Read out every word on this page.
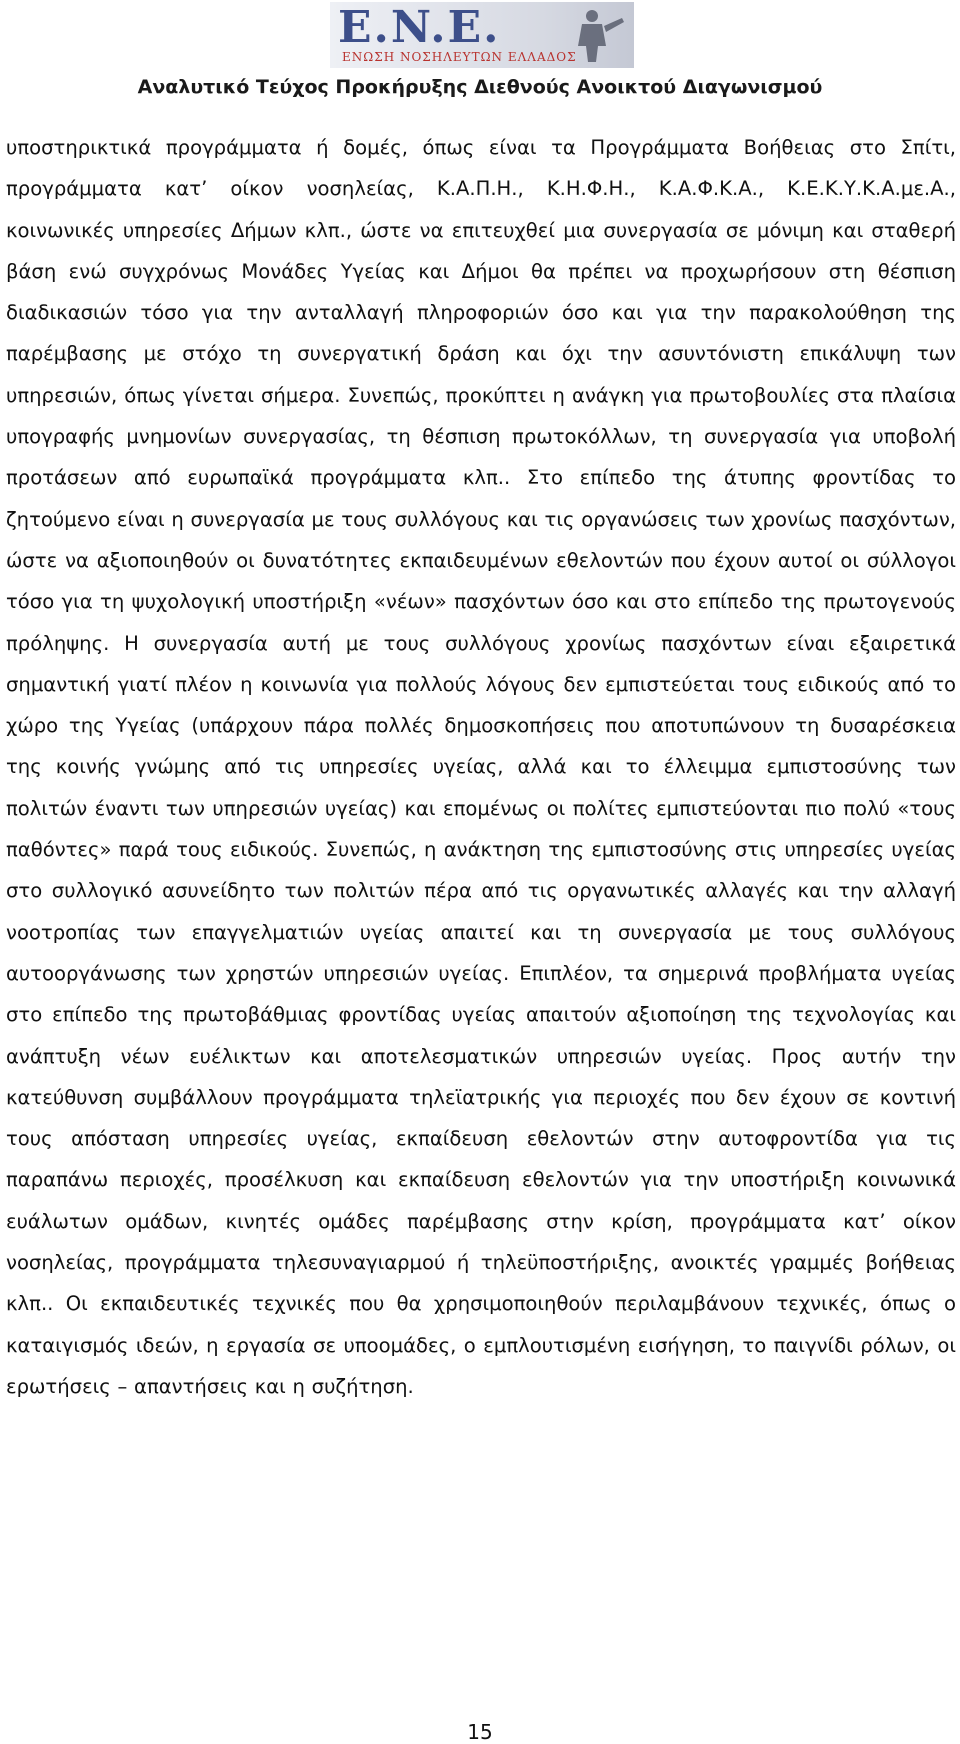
E.N.E.
ΕΝΩΣΗ ΝΟΣΗΛΕΥΤΩΝ ΕΛΛΑΔΟΣ
Αναλυτικό Τεύχος Προκήρυξης Διεθνούς Ανοικτού Διαγωνισμού

υποστηρικτικά προγράμματα ή δομές, όπως είναι τα Προγράμματα Βοήθειας στο Σπίτι, προγράμματα κατ’ οίκον νοσηλείας, Κ.Α.Π.Η., Κ.Η.Φ.Η., Κ.Α.Φ.Κ.Α., Κ.Ε.Κ.Υ.Κ.Α.με.Α., κοινωνικές υπηρεσίες Δήμων κλπ., ώστε να επιτευχθεί μια συνεργασία σε μόνιμη και σταθερή βάση ενώ συγχρόνως Μονάδες Υγείας και Δήμοι θα πρέπει να προχωρήσουν στη θέσπιση διαδικασιών τόσο για την ανταλλαγή πληροφοριών όσο και για την παρακολούθηση της παρέμβασης με στόχο τη συνεργατική δράση και όχι την ασυντόνιστη επικάλυψη των υπηρεσιών, όπως γίνεται σήμερα. Συνεπώς, προκύπτει η ανάγκη για πρωτοβουλίες στα πλαίσια υπογραφής μνημονίων συνεργασίας, τη θέσπιση πρωτοκόλλων, τη συνεργασία για υποβολή προτάσεων από ευρωπαϊκά προγράμματα κλπ.. Στο επίπεδο της άτυπης φροντίδας το ζητούμενο είναι η συνεργασία με τους συλλόγους και τις οργανώσεις των χρονίως πασχόντων, ώστε να αξιοποιηθούν οι δυνατότητες εκπαιδευμένων εθελοντών που έχουν αυτοί οι σύλλογοι τόσο για τη ψυχολογική υποστήριξη «νέων» πασχόντων όσο και στο επίπεδο της πρωτογενούς πρόληψης. Η συνεργασία αυτή με τους συλλόγους χρονίως πασχόντων είναι εξαιρετικά σημαντική γιατί πλέον η κοινωνία για πολλούς λόγους δεν εμπιστεύεται τους ειδικούς από το χώρο της Υγείας (υπάρχουν πάρα πολλές δημοσκοπήσεις που αποτυπώνουν τη δυσαρέσκεια της κοινής γνώμης από τις υπηρεσίες υγείας, αλλά και το έλλειμμα εμπιστοσύνης των πολιτών έναντι των υπηρεσιών υγείας) και επομένως οι πολίτες εμπιστεύονται πιο πολύ «τους παθόντες» παρά τους ειδικούς. Συνεπώς, η ανάκτηση της εμπιστοσύνης στις υπηρεσίες υγείας στο συλλογικό ασυνείδητο των πολιτών πέρα από τις οργανωτικές αλλαγές και την αλλαγή νοοτροπίας των επαγγελματιών υγείας απαιτεί και τη συνεργασία με τους συλλόγους αυτοοργάνωσης των χρηστών υπηρεσιών υγείας. Επιπλέον, τα σημερινά προβλήματα υγείας στο επίπεδο της πρωτοβάθμιας φροντίδας υγείας απαιτούν αξιοποίηση της τεχνολογίας και ανάπτυξη νέων ευέλικτων και αποτελεσματικών υπηρεσιών υγείας. Προς αυτήν την κατεύθυνση συμβάλλουν προγράμματα τηλεϊατρικής για περιοχές που δεν έχουν σε κοντινή τους απόσταση υπηρεσίες υγείας, εκπαίδευση εθελοντών στην αυτοφροντίδα για τις παραπάνω περιοχές, προσέλκυση και εκπαίδευση εθελοντών για την υποστήριξη κοινωνικά ευάλωτων ομάδων, κινητές ομάδες παρέμβασης στην κρίση, προγράμματα κατ’ οίκον νοσηλείας, προγράμματα τηλεσυναγιαρμού ή τηλεϋποστήριξης, ανοικτές γραμμές βοήθειας κλπ.. Οι εκπαιδευτικές τεχνικές που θα χρησιμοποιηθούν περιλαμβάνουν τεχνικές, όπως ο καταιγισμός ιδεών, η εργασία σε υποομάδες, ο εμπλουτισμένη εισήγηση, το παιγνίδι ρόλων, οι ερωτήσεις – απαντήσεις και η συζήτηση.

15
